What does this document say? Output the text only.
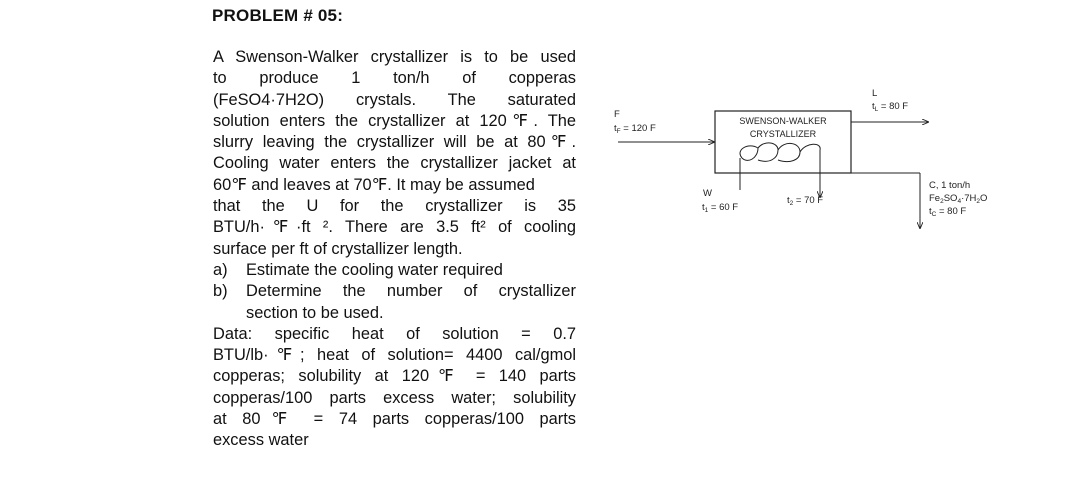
PROBLEM # 05:

A Swenson-Walker crystallizer is to be used

to produce 1 ton/h of copperas

(FeSO4·7H2O) crystals. The saturated

solution enters the crystallizer at 120℉. The

slurry leaving the crystallizer will be at 80℉.

Cooling water enters the crystallizer jacket at

60℉ and leaves at 70℉. It may be assumed

that the U for the crystallizer is 35

BTU/h·℉·ft ². There are 3.5 ft² of cooling

surface per ft of crystallizer length.

a)	Estimate the cooling water required
b)	Determine the number of crystallizer
section to be used.

Data: specific heat of solution = 0.7

BTU/lb·℉; heat of solution= 4400 cal/gmol

copperas; solubility at 120℉ = 140 parts

copperas/100 parts excess water; solubility

at 80℉ = 74 parts copperas/100 parts

excess water

SWENSON-WALKER
CRYSTALLIZER
F
$t_F = 120$ F
L
$t_L = 80$ F
W
$t_1 = 60$ F
$t_2 = 70$ F
C, 1 ton/h
$Fe_2SO_4\cdot 7H_2O$
$t_C = 80$ F
